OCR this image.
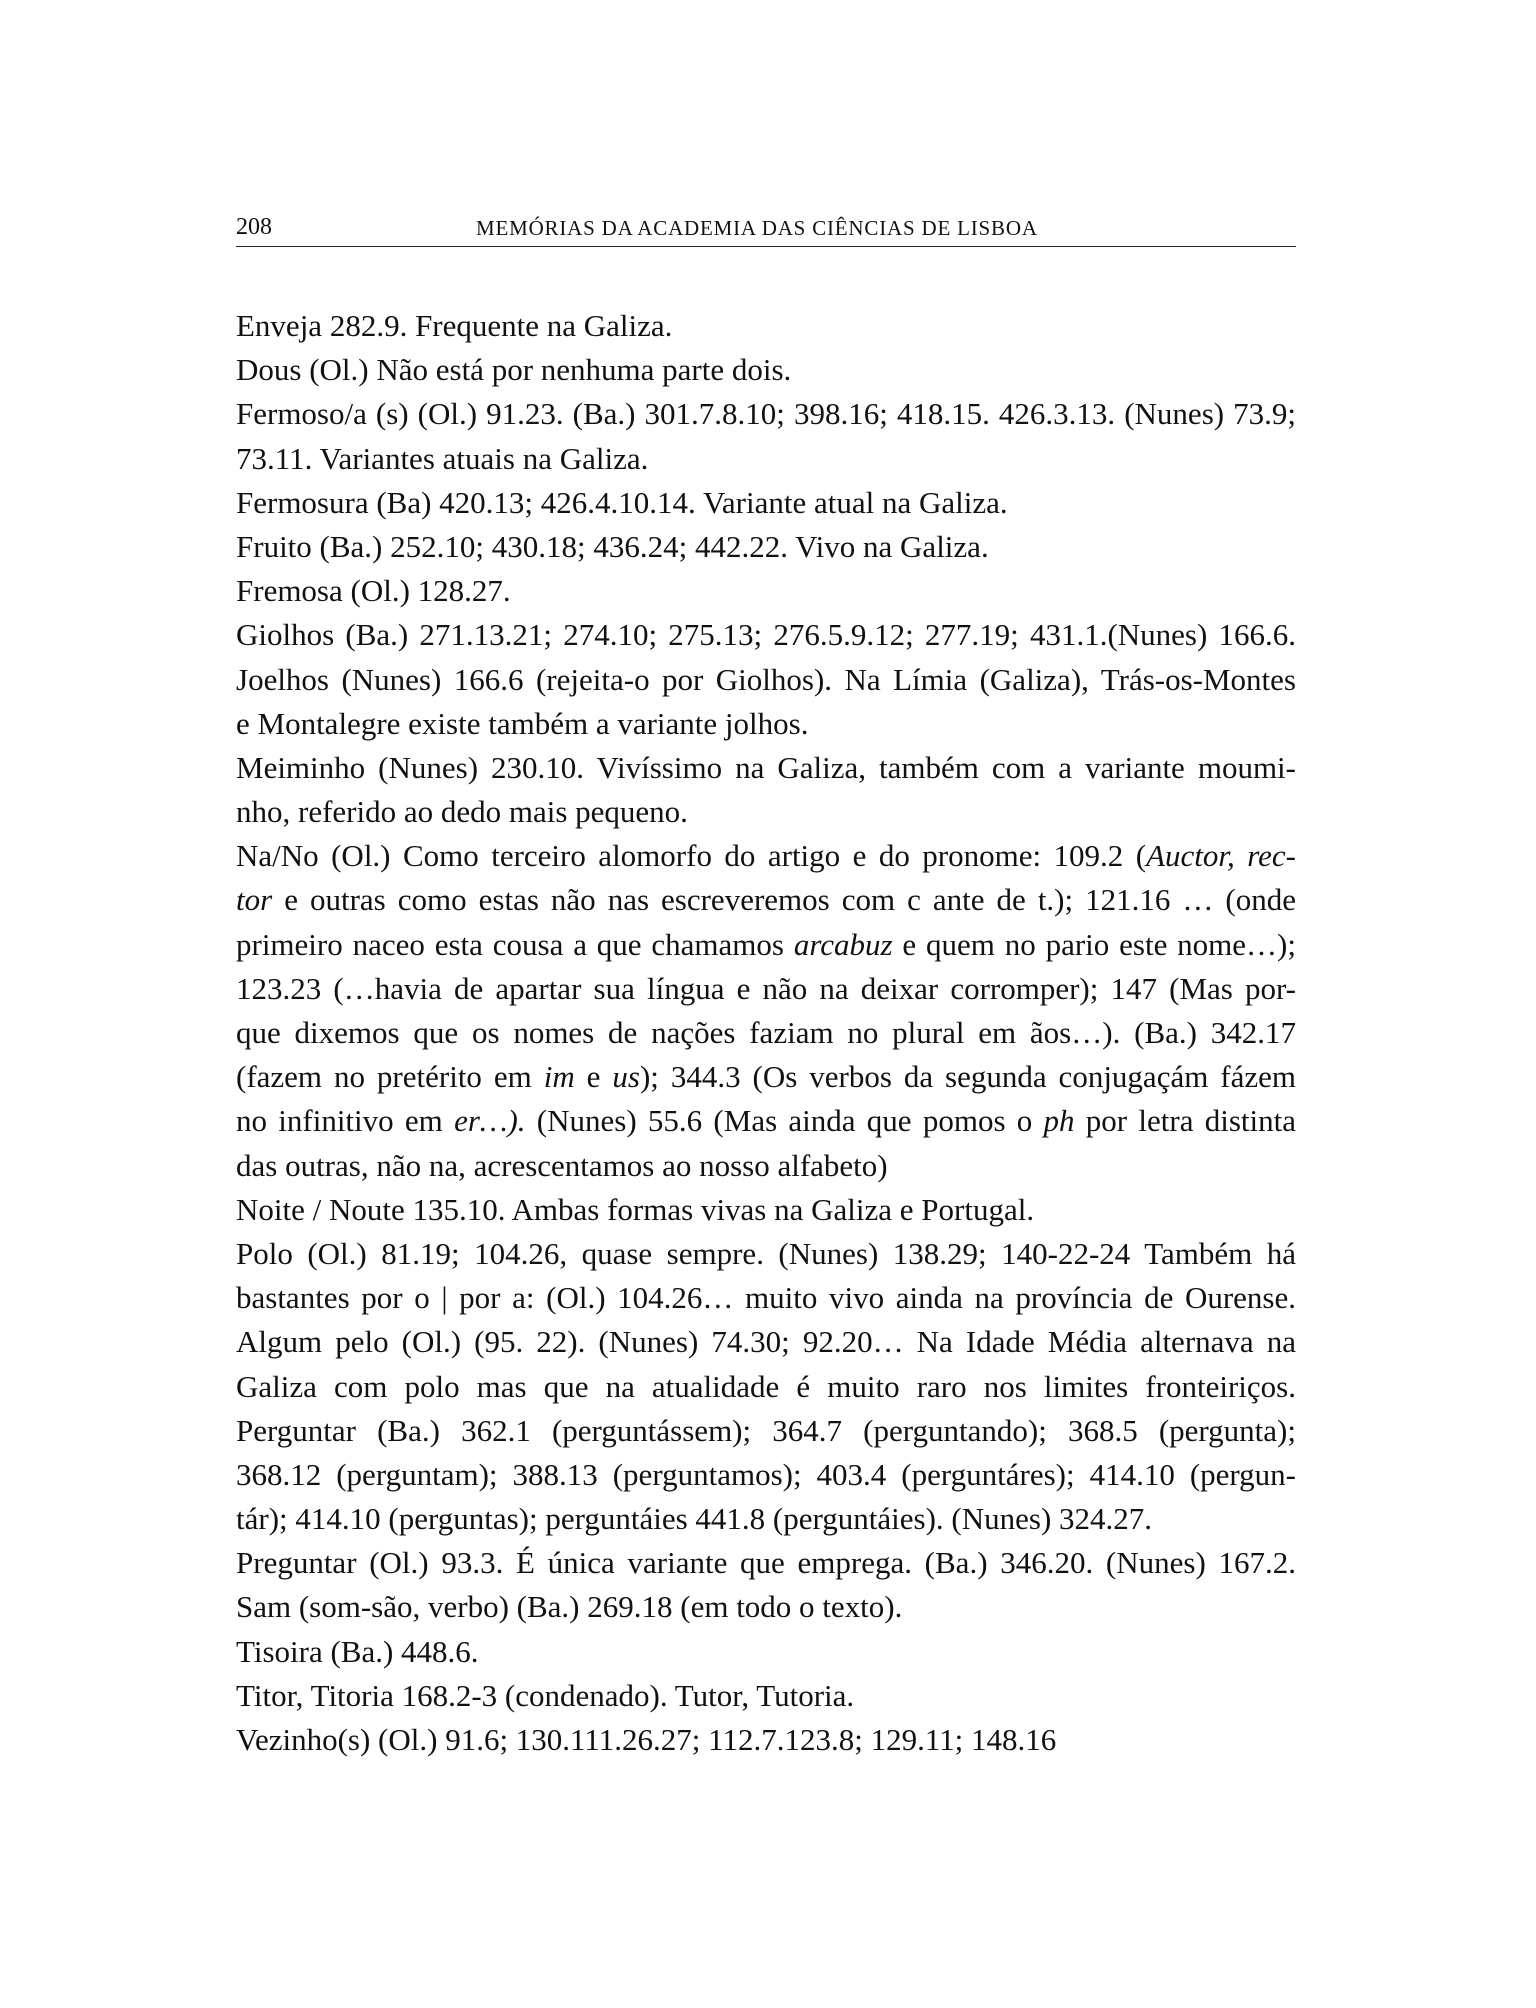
208	MEMÓRIAS DA ACADEMIA DAS CIÊNCIAS DE LISBOA
Enveja 282.9. Frequente na Galiza.
Dous (Ol.) Não está por nenhuma parte dois.
Fermoso/a (s) (Ol.) 91.23. (Ba.) 301.7.8.10; 398.16; 418.15. 426.3.13. (Nunes) 73.9;
73.11. Variantes atuais na Galiza.
Fermosura (Ba) 420.13; 426.4.10.14. Variante atual na Galiza.
Fruito (Ba.) 252.10; 430.18; 436.24; 442.22. Vivo na Galiza.
Fremosa (Ol.) 128.27.
Giolhos (Ba.) 271.13.21; 274.10; 275.13; 276.5.9.12; 277.19; 431.1.(Nunes) 166.6.
Joelhos (Nunes) 166.6 (rejeita-o por Giolhos). Na Límia (Galiza), Trás-os-Montes
e Montalegre existe também a variante jolhos.
Meiminho (Nunes) 230.10. Vivíssimo na Galiza, também com a variante moumi-
nho, referido ao dedo mais pequeno.
Na/No (Ol.) Como terceiro alomorfo do artigo e do pronome: 109.2 (Auctor, rec-
tor e outras como estas não nas escreveremos com c ante de t.); 121.16 … (onde
primeiro naceo esta cousa a que chamamos arcabuz e quem no pario este nome…);
123.23 (…havia de apartar sua língua e não na deixar corromper); 147 (Mas por-
que dixemos que os nomes de nações faziam no plural em ãos…). (Ba.) 342.17
(fazem no pretérito em im e us); 344.3 (Os verbos da segunda conjugaçám fázem
no infinitivo em er…). (Nunes) 55.6 (Mas ainda que pomos o ph por letra distinta
das outras, não na, acrescentamos ao nosso alfabeto)
Noite / Noute 135.10. Ambas formas vivas na Galiza e Portugal.
Polo (Ol.) 81.19; 104.26, quase sempre. (Nunes) 138.29; 140-22-24 Também há
bastantes por o | por a: (Ol.) 104.26… muito vivo ainda na província de Ourense.
Algum pelo (Ol.) (95. 22). (Nunes) 74.30; 92.20… Na Idade Média alternava na
Galiza com polo mas que na atualidade é muito raro nos limites fronteiriços.
Perguntar (Ba.) 362.1 (perguntássem); 364.7 (perguntando); 368.5 (pergunta);
368.12 (perguntam); 388.13 (perguntamos); 403.4 (perguntáres); 414.10 (pergun-
tár); 414.10 (perguntas); perguntáies 441.8 (perguntáies). (Nunes) 324.27.
Preguntar (Ol.) 93.3. É única variante que emprega. (Ba.) 346.20. (Nunes) 167.2.
Sam (som-são, verbo) (Ba.) 269.18 (em todo o texto).
Tisoira (Ba.) 448.6.
Titor, Titoria 168.2-3 (condenado). Tutor, Tutoria.
Vezinho(s) (Ol.) 91.6; 130.111.26.27; 112.7.123.8; 129.11; 148.16
